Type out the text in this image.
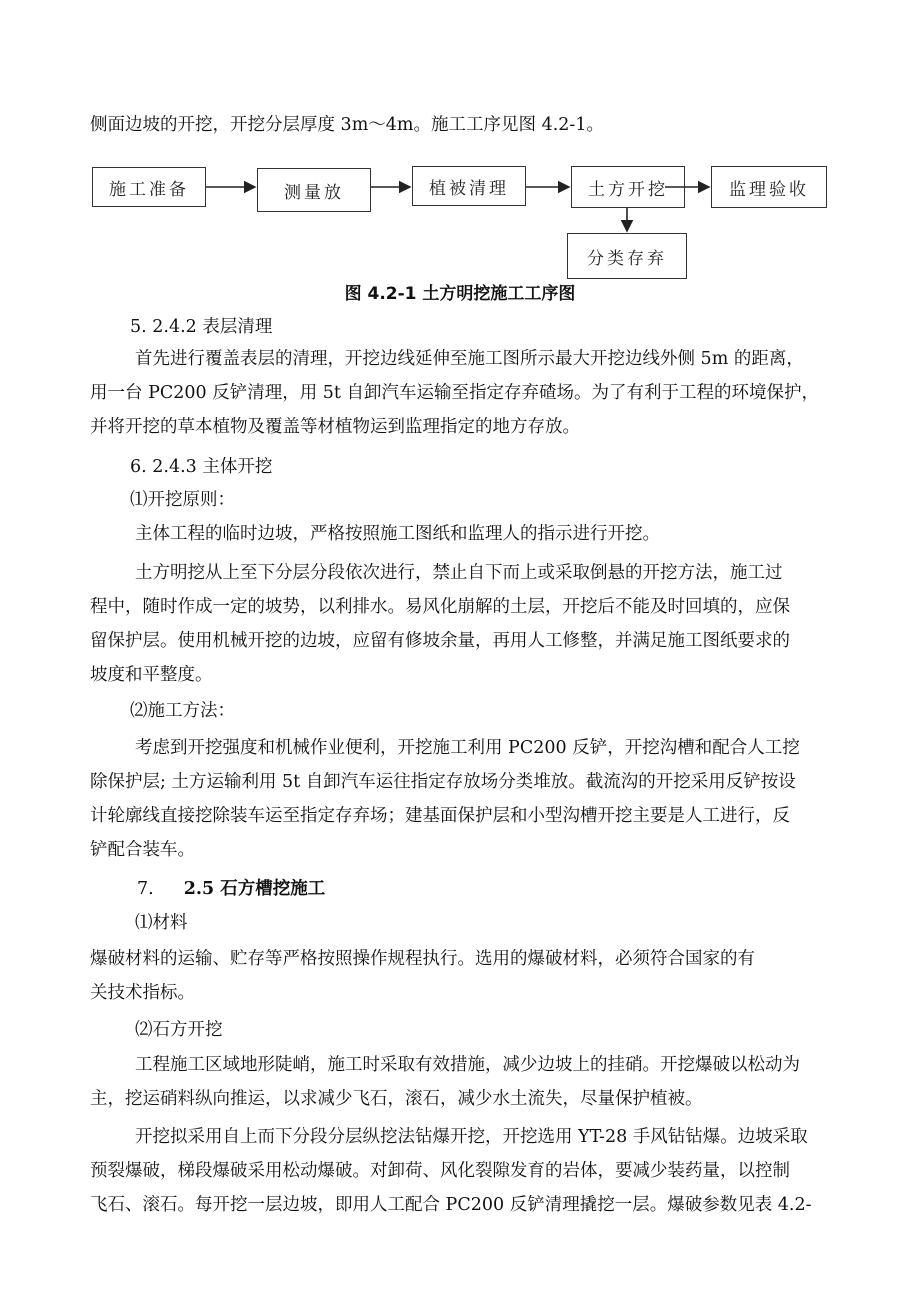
侧面边坡的开挖，开挖分层厚度 3m～4m。施工工序见图 4.2-1。
施工准备	测量放	植被清理	土方开挖	监理验收
分类存弃
图 4.2-1 土方明挖施工工序图
5. 2.4.2 表层清理
首先进行覆盖表层的清理，开挖边线延伸至施工图所示最大开挖边线外侧 5m 的距离，
用一台 PC200 反铲清理，用 5t 自卸汽车运输至指定存弃碴场。为了有利于工程的环境保护，
并将开挖的草本植物及覆盖等材植物运到监理指定的地方存放。
6. 2.4.3 主体开挖
⑴开挖原则：
主体工程的临时边坡，严格按照施工图纸和监理人的指示进行开挖。
土方明挖从上至下分层分段依次进行，禁止自下而上或采取倒悬的开挖方法，施工过
程中，随时作成一定的坡势，以利排水。易风化崩解的土层，开挖后不能及时回填的，应保
留保护层。使用机械开挖的边坡，应留有修坡余量，再用人工修整，并满足施工图纸要求的
坡度和平整度。
⑵施工方法：
考虑到开挖强度和机械作业便利，开挖施工利用 PC200 反铲，开挖沟槽和配合人工挖
除保护层; 土方运输利用 5t 自卸汽车运往指定存放场分类堆放。截流沟的开挖采用反铲按设
计轮廓线直接挖除装车运至指定存弃场；建基面保护层和小型沟槽开挖主要是人工进行，反
铲配合装车。
7. 2.5 石方槽挖施工
⑴材料
爆破材料的运输、贮存等严格按照操作规程执行。选用的爆破材料，必须符合国家的有
关技术指标。
⑵石方开挖
工程施工区域地形陡峭，施工时采取有效措施，减少边坡上的挂硝。开挖爆破以松动为
主，挖运硝料纵向推运，以求减少飞石，滚石，减少水土流失，尽量保护植被。
开挖拟采用自上而下分段分层纵挖法钻爆开挖，开挖选用 YT-28 手风钻钻爆。边坡采取
预裂爆破，梯段爆破采用松动爆破。对卸荷、风化裂隙发育的岩体，要减少装药量，以控制
飞石、滚石。每开挖一层边坡，即用人工配合 PC200 反铲清理撬挖一层。爆破参数见表 4.2-
